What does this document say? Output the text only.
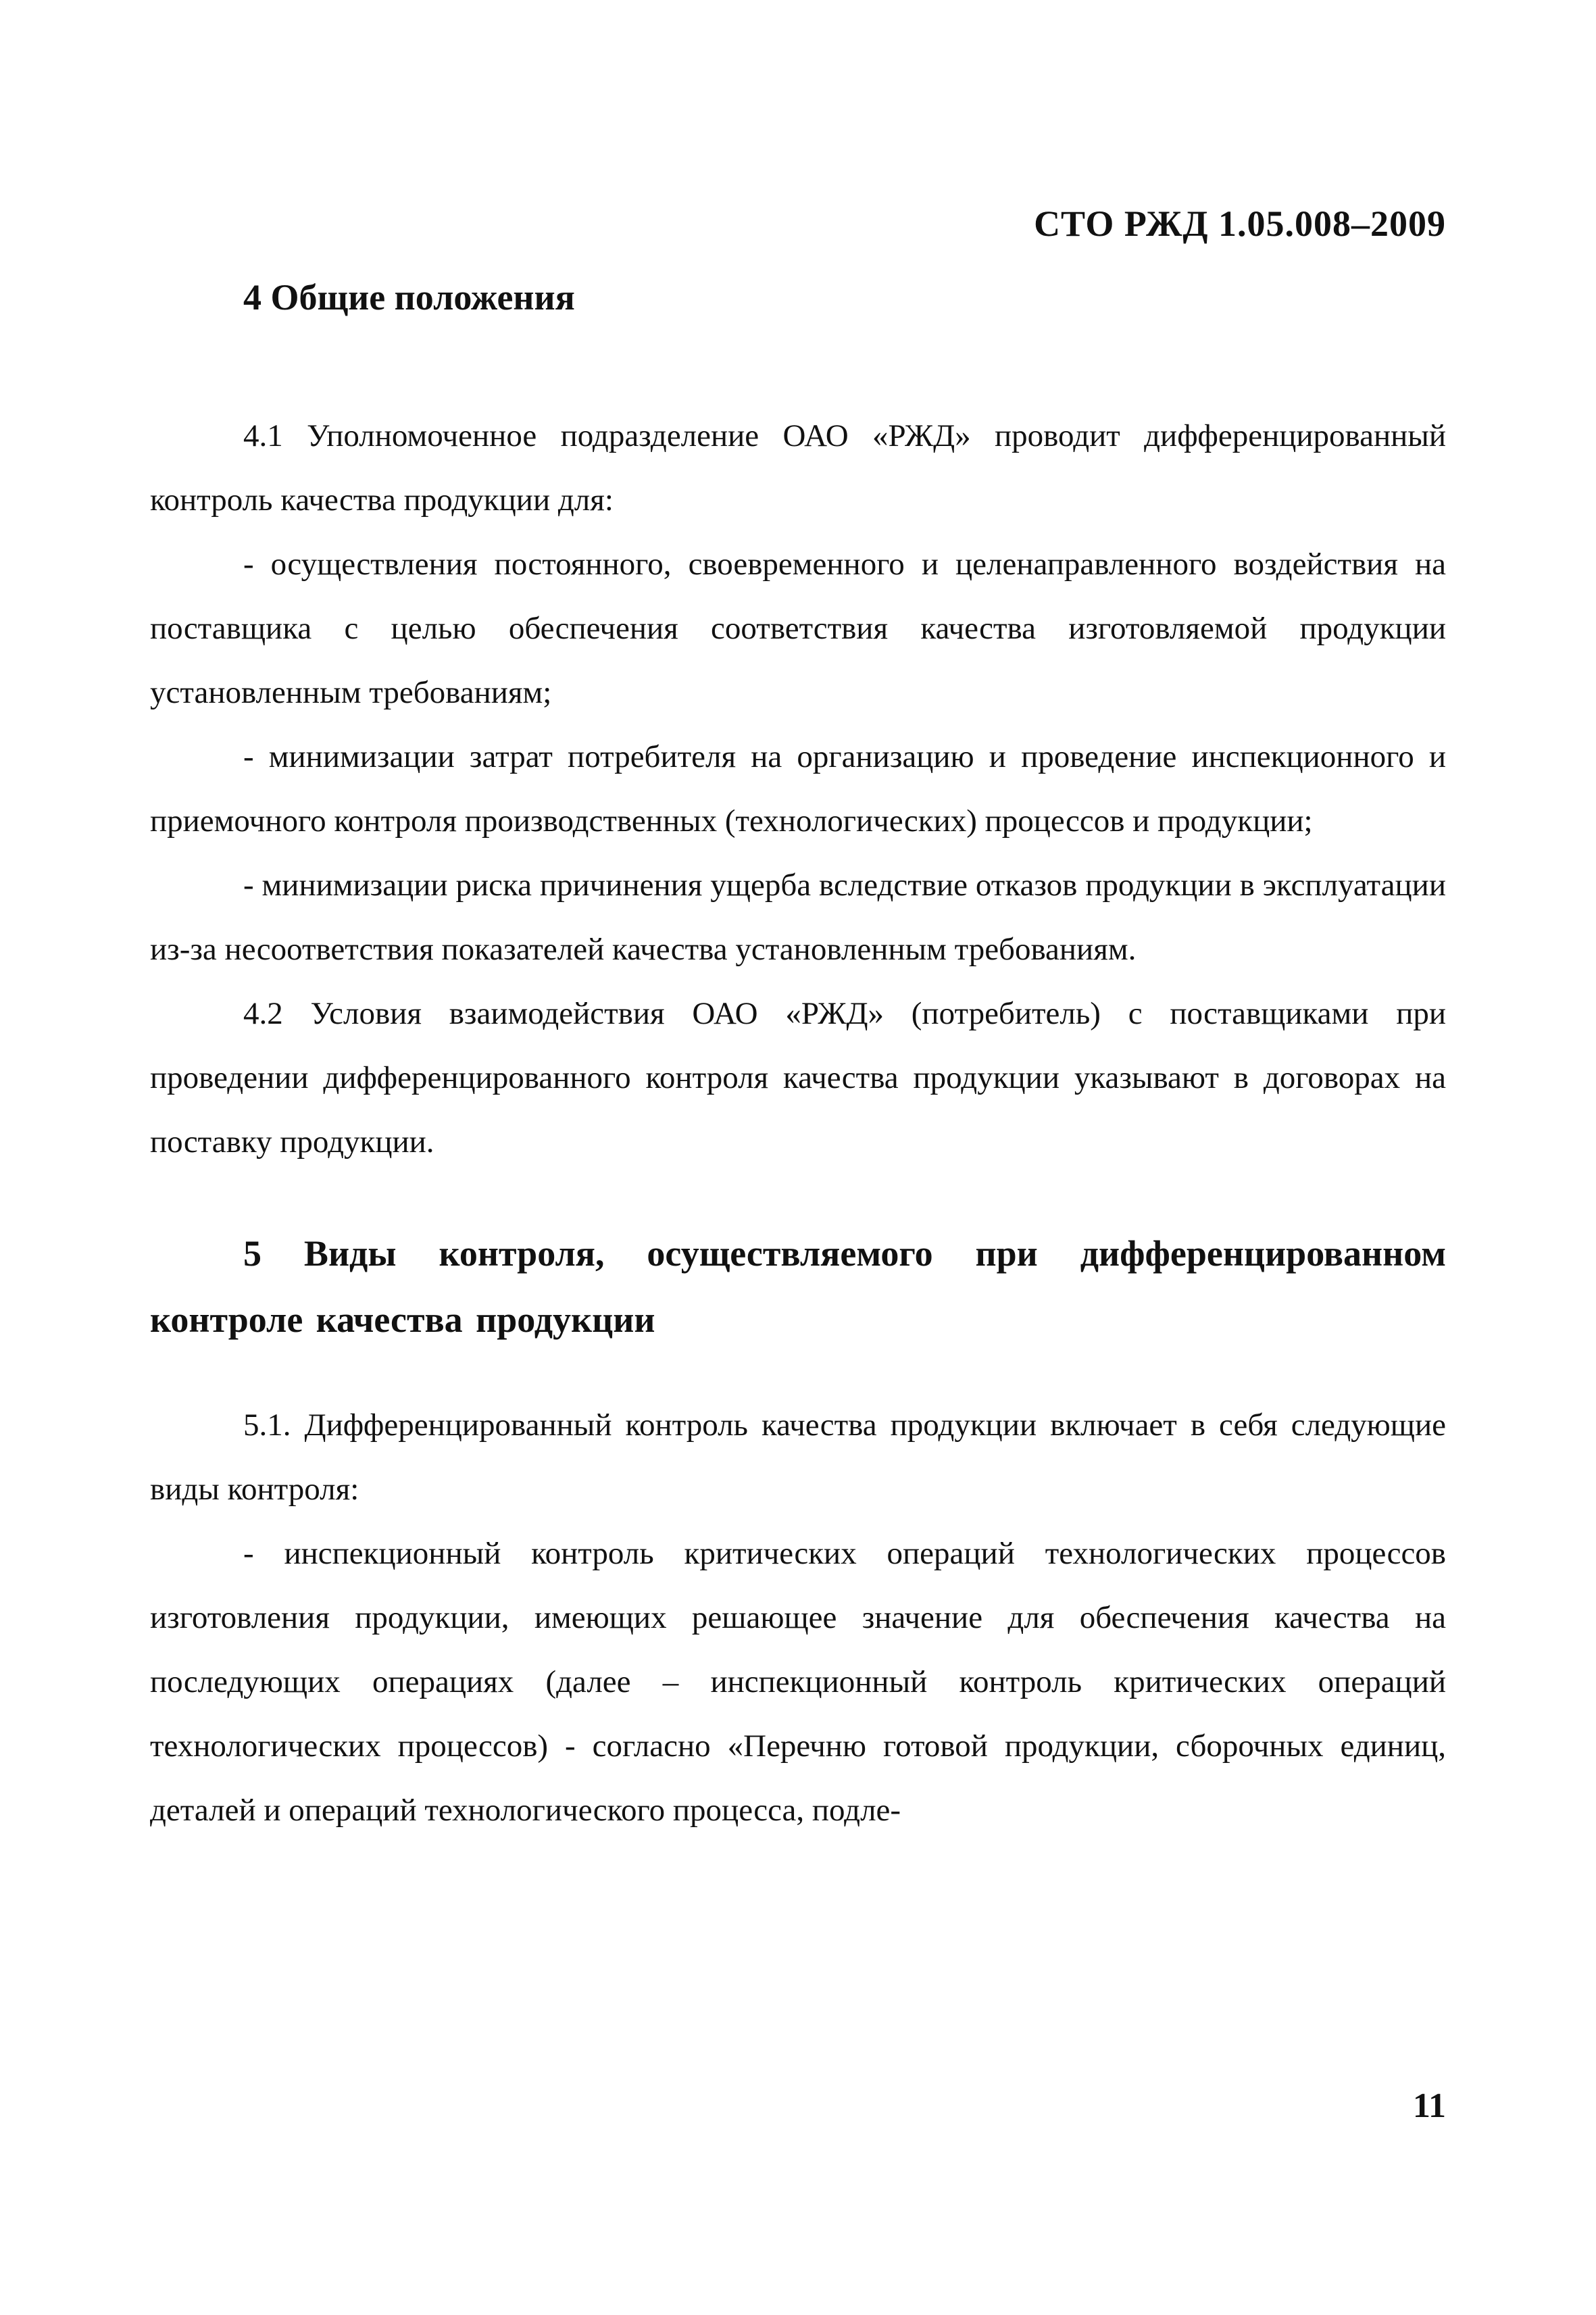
СТО РЖД 1.05.008–2009
4 Общие положения

4.1 Уполномоченное подразделение ОАО «РЖД» проводит дифференцированный контроль качества продукции для:

- осуществления постоянного, своевременного и целенаправленного воздействия на поставщика с целью обеспечения соответствия качества изготовляемой продукции установленным требованиям;

- минимизации затрат потребителя на организацию и проведение инспекционного и приемочного контроля производственных (технологических) процессов и продукции;

- минимизации риска причинения ущерба вследствие отказов продукции в эксплуатации из-за несоответствия показателей качества установленным требованиям.

4.2 Условия взаимодействия ОАО «РЖД» (потребитель) с поставщиками при проведении дифференцированного контроля качества продукции указывают в договорах на поставку продукции.

5 Виды контроля, осуществляемого при дифференцированном контроле качества продукции

5.1. Дифференцированный контроль качества продукции включает в себя следующие виды контроля:

- инспекционный контроль критических операций технологических процессов изготовления продукции, имеющих решающее значение для обеспечения качества на последующих операциях (далее – инспекционный контроль критических операций технологических процессов) - согласно «Перечню готовой продукции, сборочных единиц, деталей и операций технологического процесса, подле-

11
